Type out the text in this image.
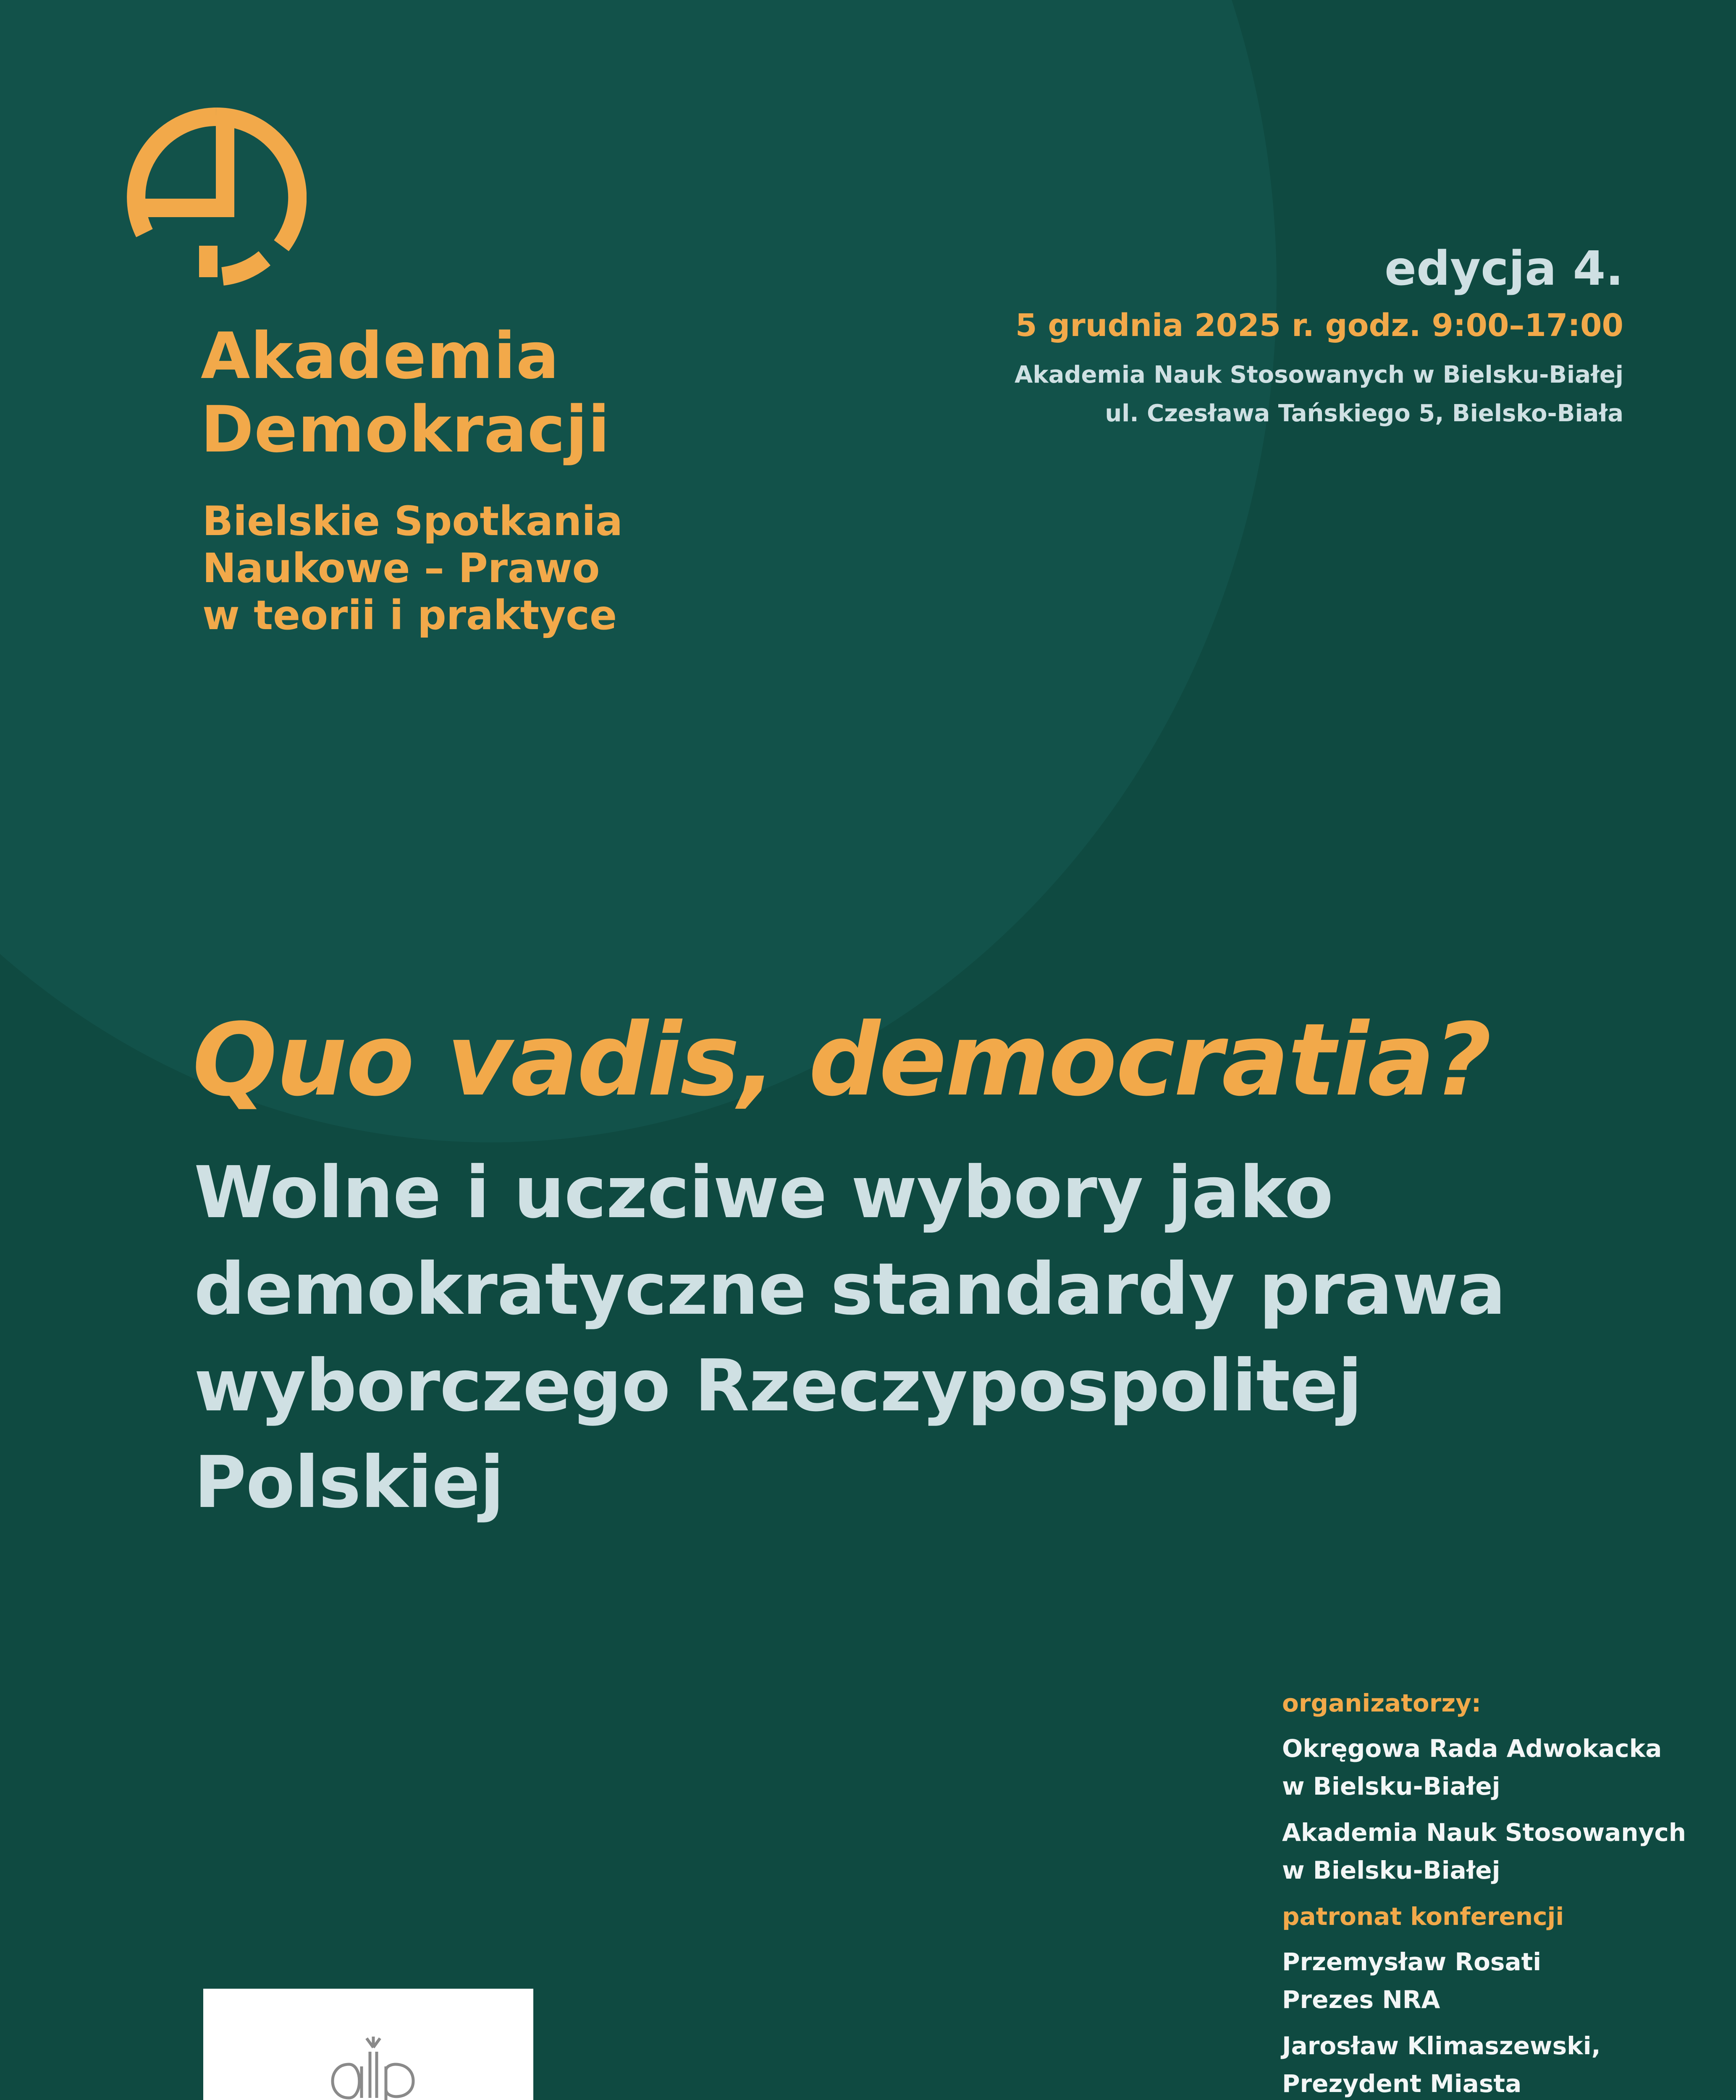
Akademia
Demokracji
Bielskie Spotkania
Naukowe – Prawo
w teorii i praktyce
edycja 4.
5 grudnia 2025 r. godz. 9:00–17:00
Akademia Nauk Stosowanych w Bielsku-Białej
ul. Czesława Tańskiego 5, Bielsko-Biała
Quo vadis, democratia?
Wolne i uczciwe wybory jako
demokratyczne standardy prawa
wyborczego Rzeczypospolitej
Polskiej
organizatorzy:
Okręgowa Rada Adwokacka
w Bielsku-Białej
Akademia Nauk Stosowanych
w Bielsku-Białej
patronat konferencji
Przemysław Rosati
Prezes NRA
Jarosław Klimaszewski,
Prezydent Miasta
